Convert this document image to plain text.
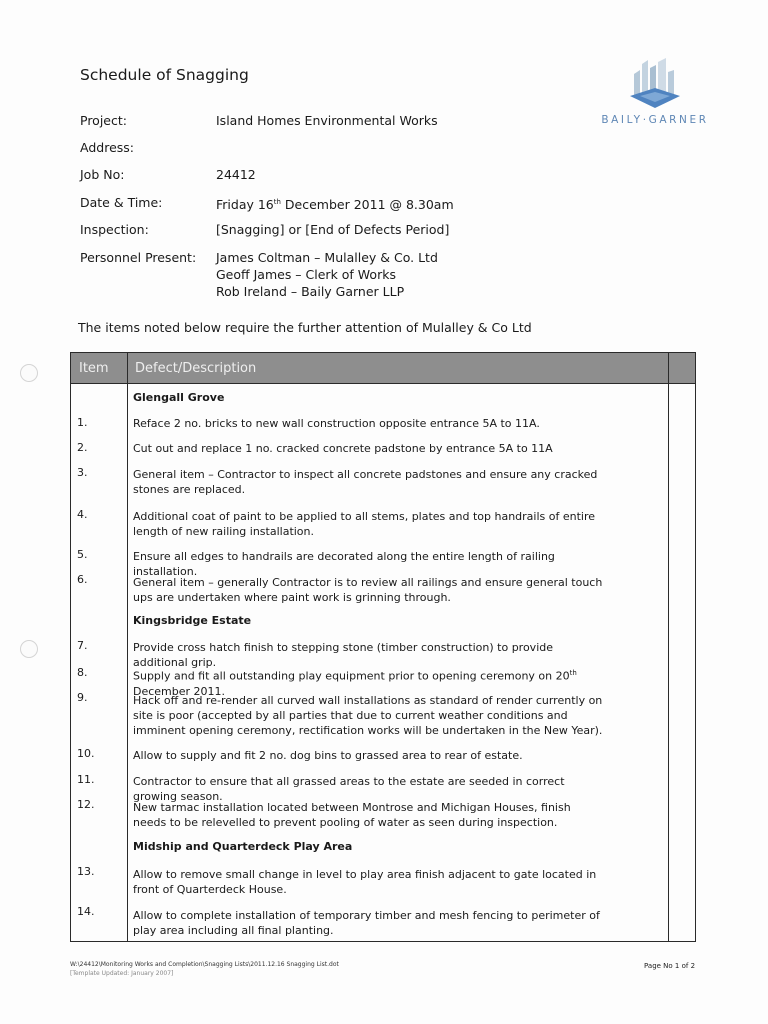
Schedule of Snagging
BAILY·GARNER
Project:	Island Homes Environmental Works
Address:
Job No:	24412
Date & Time:	Friday 16th December 2011 @ 8.30am
Inspection:	[Snagging] or [End of Defects Period]
Personnel Present: James Coltman – Mulalley & Co. Ltd
Geoff James – Clerk of Works
Rob Ireland – Baily Garner LLP
The items noted below require the further attention of Mulalley & Co Ltd
Item Defect/Description
Glengall Grove
1.	Reface 2 no. bricks to new wall construction opposite entrance 5A to 11A.
2.	Cut out and replace 1 no. cracked concrete padstone by entrance 5A to 11A
3.	General item – Contractor to inspect all concrete padstones and ensure any cracked stones are replaced.
4.	Additional coat of paint to be applied to all stems, plates and top handrails of entire length of new railing installation.
5.	Ensure all edges to handrails are decorated along the entire length of railing installation.
6.	General item – generally Contractor is to review all railings and ensure general touch ups are undertaken where paint work is grinning through.
Kingsbridge Estate
7.	Provide cross hatch finish to stepping stone (timber construction) to provide additional grip.
8.	Supply and fit all outstanding play equipment prior to opening ceremony on 20th December 2011.
9.	Hack off and re-render all curved wall installations as standard of render currently on site is poor (accepted by all parties that due to current weather conditions and imminent opening ceremony, rectification works will be undertaken in the New Year).
10.	Allow to supply and fit 2 no. dog bins to grassed area to rear of estate.
11.	Contractor to ensure that all grassed areas to the estate are seeded in correct growing season.
12.	New tarmac installation located between Montrose and Michigan Houses, finish needs to be relevelled to prevent pooling of water as seen during inspection.
Midship and Quarterdeck Play Area
13.	Allow to remove small change in level to play area finish adjacent to gate located in front of Quarterdeck House.
14.	Allow to complete installation of temporary timber and mesh fencing to perimeter of play area including all final planting.
W:\24412\Monitoring Works and Completion\Snagging Lists\2011.12.16 Snagging List.dot
[Template Updated: January 2007]
Page No 1 of 2
